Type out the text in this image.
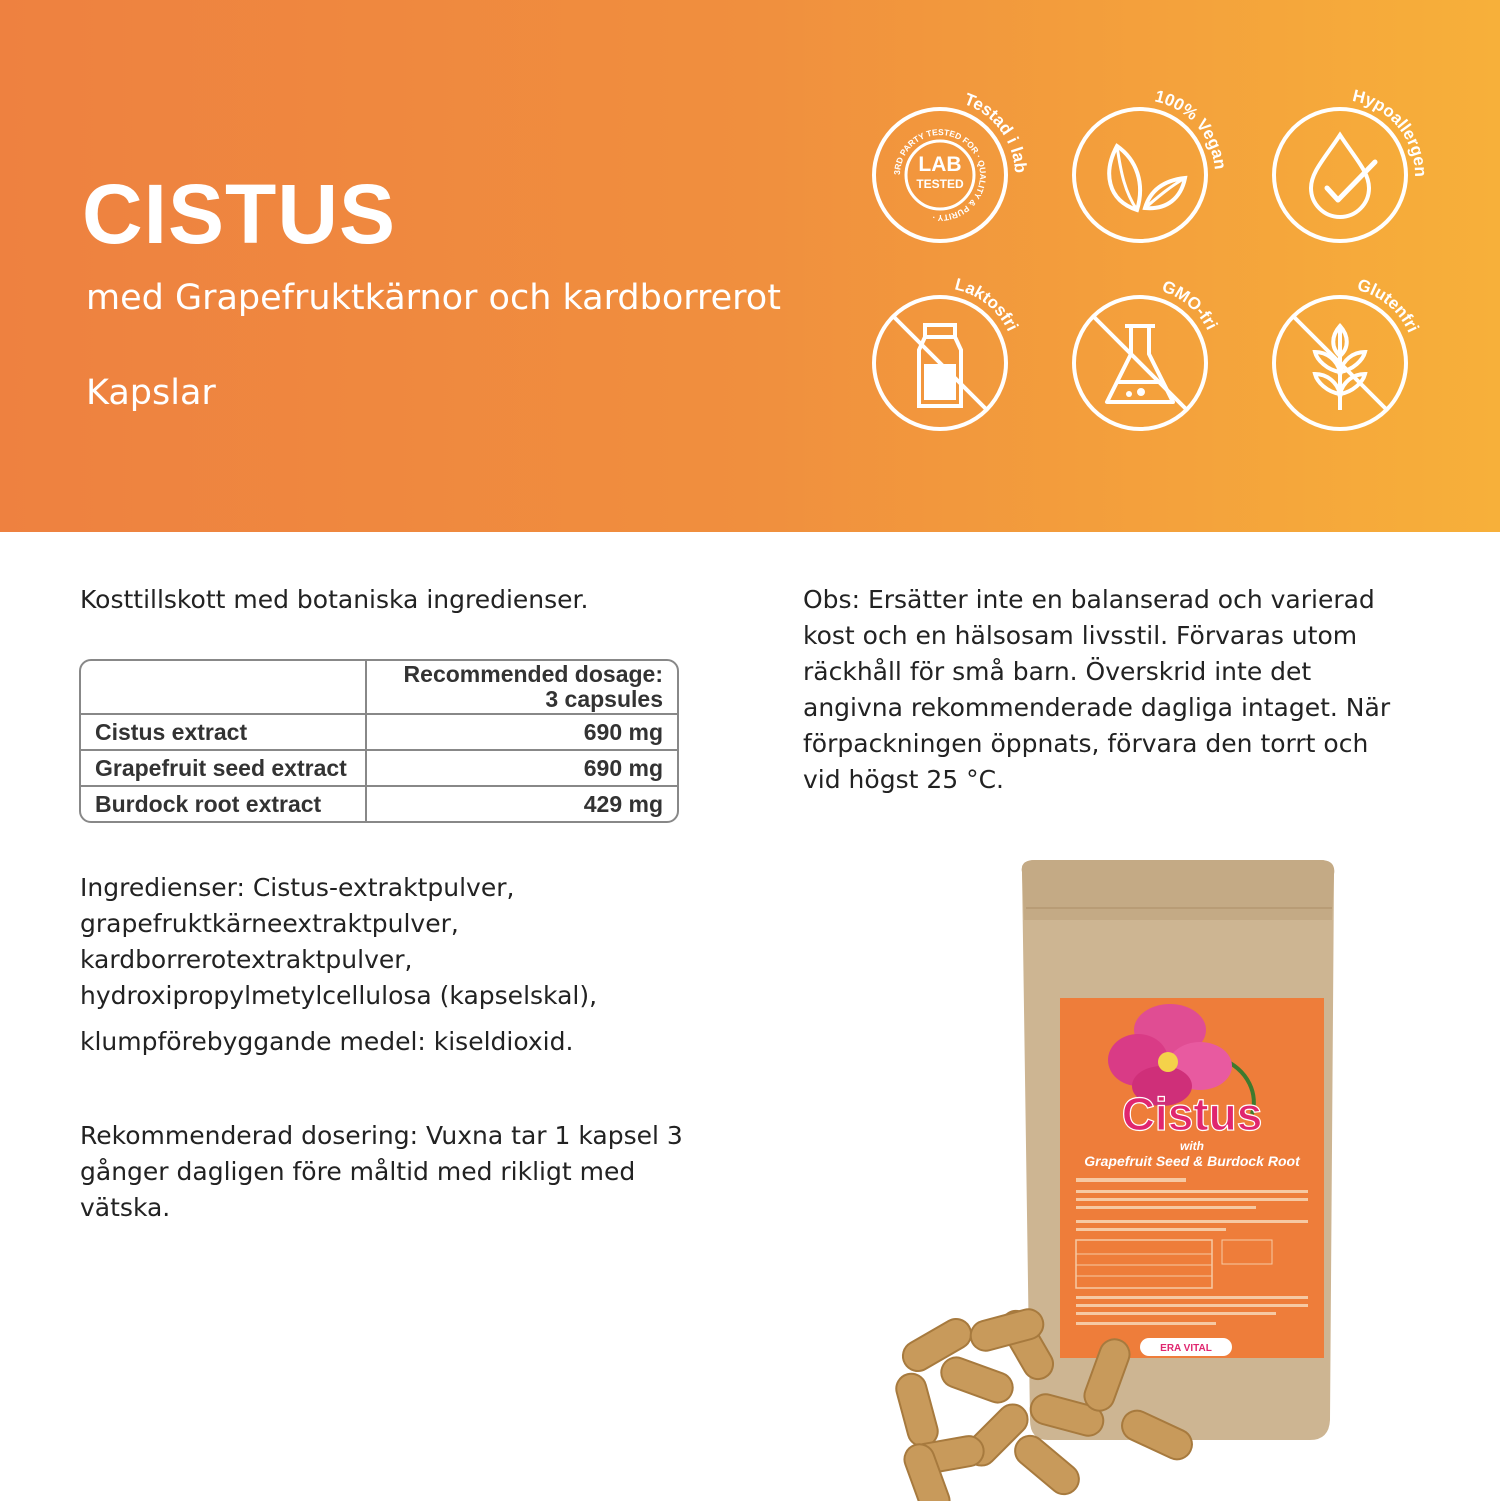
CISTUS
med Grapefruktkärnor och kardborrerot
Kapslar
Testad i laboratoriet
3RD PARTY TESTED FOR · QUALITY & PURITY ·
LAB
TESTED
100% Vegan
Hypoallergena
Laktosfri
GMO-fri
Glutenfri
Kosttillskott med botaniska ingredienser.

	Recommended dosage:
3 capsules

Cistus extract	690 mg
Grapefruit seed extract	690 mg
Burdock root extract	429 mg
Ingredienser: Cistus-extraktpulver,
grapefruktkärneextraktpulver,
kardborrerotextraktpulver,
hydroxipropylmetylcellulosa (kapselskal),
klumpförebyggande medel: kiseldioxid.
Rekommenderad dosering: Vuxna tar 1 kapsel 3 gånger dagligen före måltid med rikligt med vätska.
Obs: Ersätter inte en balanserad och varierad kost och en hälsosam livsstil. Förvaras utom räckhåll för små barn. Överskrid inte det angivna rekommenderade dagliga intaget. När förpackningen öppnats, förvara den torrt och vid högst 25 °C.
Cistus
with
Grapefruit Seed & Burdock Root
ERA VITAL
